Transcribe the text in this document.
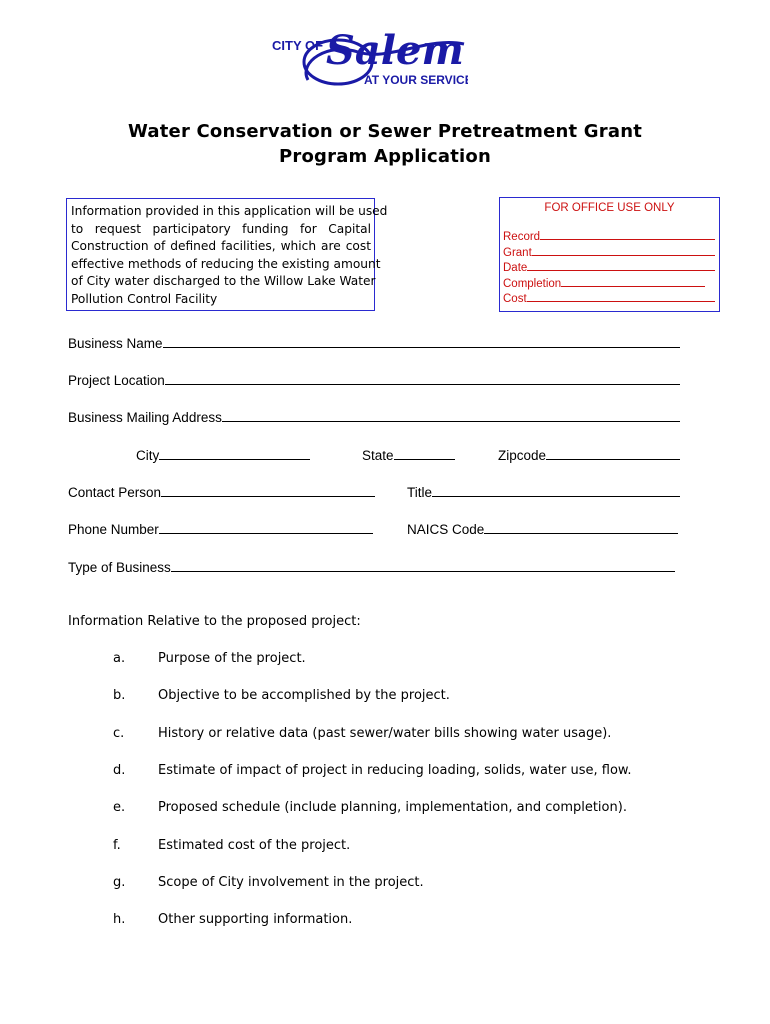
CITY OF Salem
AT YOUR SERVICE
Water Conservation or Sewer Pretreatment Grant
Program Application
Information provided in this application will be used
to request participatory funding for Capital
Construction of defined facilities, which are cost
effective methods of reducing the existing amount
of City water discharged to the Willow Lake Water
Pollution Control Facility
FOR OFFICE USE ONLY
Record
Grant
Date
Completion
Cost
Business Name
Project Location
Business Mailing Address
City	State	Zipcode
Contact Person	Title
Phone Number	NAICS Code
Type of Business
Information Relative to the proposed project:
a.	Purpose of the project.
b.	Objective to be accomplished by the project.
c.	History or relative data (past sewer/water bills showing water usage).
d.	Estimate of impact of project in reducing loading, solids, water use, flow.
e.	Proposed schedule (include planning, implementation, and completion).
f.	Estimated cost of the project.
g.	Scope of City involvement in the project.
h.	Other supporting information.
